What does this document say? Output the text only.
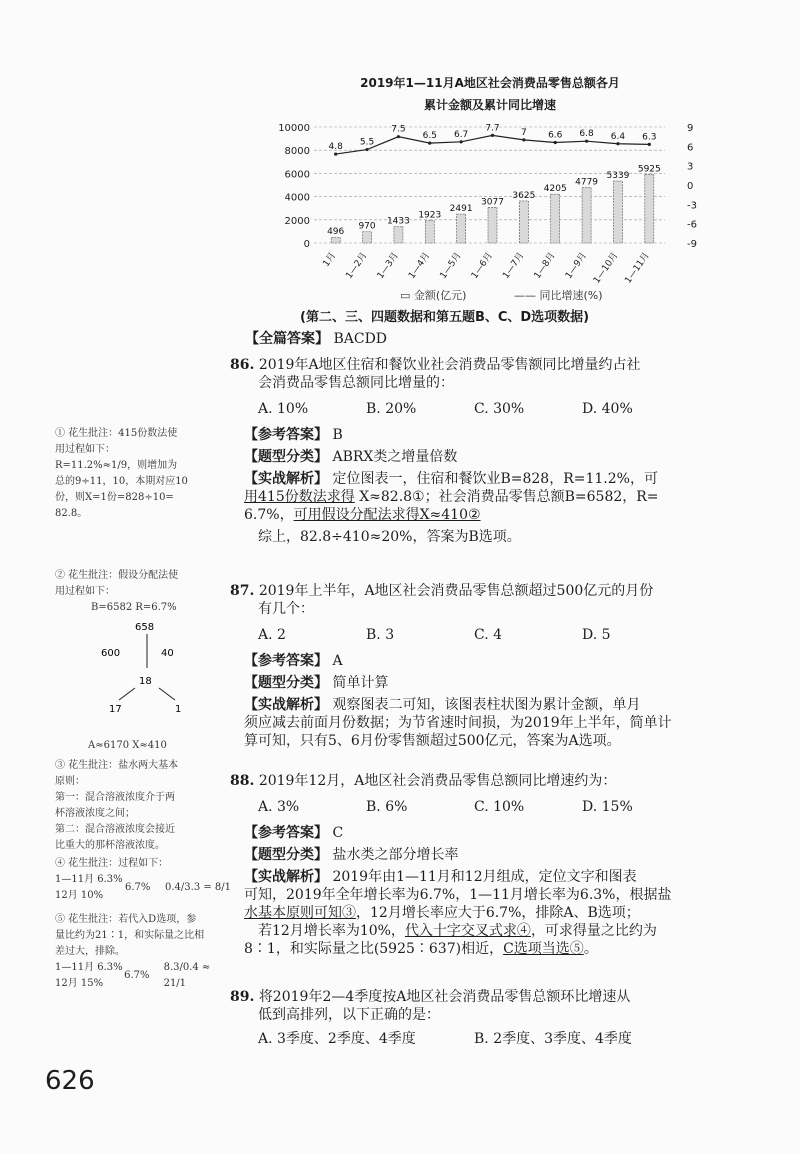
2019年1—11月A地区社会消费品零售总额各月
累计金额及累计同比增速
10000
8000
6000
4000
2000
0
9
6
3
0
-3
-6
-9
496
970
1433
1923
2491
3077
3625
4205
4779
5339
5925
4.8 5.5
7.5
6.5 6.7
7.7 7 6.6 6.8 6.4 6.3
1月 1—2月 1—3月 1—4月 1—5月 1—6月 1—7月 1—8月 1—9月 1—10月 1—11月
▭ 金额(亿元)	—— 同比增速(%)
(第二、三、四题数据和第五题B、C、D选项数据)
【全篇答案】 BACDD
86. 2019年A地区住宿和餐饮业社会消费品零售额同比增量约占社
会消费品零售总额同比增量的：
A. 10%	B. 20%	C. 30%	D. 40%
【参考答案】 B
【题型分类】 ABRX类之增量倍数
【实战解析】 定位图表一，住宿和餐饮业B=828，R=11.2%，可
用415份数法求得 X≈82.8①；社会消费品零售总额B=6582，R=
6.7%，可用假设分配法求得X≈410②
综上，82.8÷410≈20%，答案为B选项。
87. 2019年上半年，A地区社会消费品零售总额超过500亿元的月份
有几个：
A. 2	B. 3	C. 4	D. 5
【参考答案】 A
【题型分类】 简单计算
【实战解析】 观察图表二可知，该图表柱状图为累计金额，单月
须应减去前面月份数据；为节省速时间损，为2019年上半年，简单计
算可知，只有5、6月份零售额超过500亿元，答案为A选项。
88. 2019年12月，A地区社会消费品零售总额同比增速约为：
A. 3%	B. 6%	C. 10%	D. 15%
【参考答案】 C
【题型分类】 盐水类之部分增长率
【实战解析】 2019年由1—11月和12月组成，定位文字和图表
可知，2019年全年增长率为6.7%，1—11月增长率为6.3%，根据盐
水基本原则可知③，12月增长率应大于6.7%，排除A、B选项；
若12月增长率为10%，代入十字交叉式求④，可求得量之比约为
8∶1，和实际量之比(5925∶637)相近，C选项当选⑤。
89. 将2019年2—4季度按A地区社会消费品零售总额环比增速从
低到高排列，以下正确的是：
A. 3季度、2季度、4季度	B. 2季度、3季度、4季度
① 花生批注：415份数法使
用过程如下：
R=11.2%≈1/9，则增加为
总的9÷11，10，本期对应10
份，则X=1份=828÷10=
82.8。
② 花生批注：假设分配法使
用过程如下：
B=6582 R=6.7%
658
600	40
18
17	1
A≈6170 X≈410
③ 花生批注：盐水两大基本
原则：
第一：混合溶液浓度介于两
杯溶液浓度之间；
第二：混合溶液浓度会接近
比重大的那杯溶液浓度。
④ 花生批注：过程如下：
1—11月 6.3%
12月 10%
6.7%	0.4/3.3 = 8/1
⑤ 花生批注：若代入D选项，参
量比约为21∶1，和实际量之比相
差过大，排除。
1—11月 6.3%
12月 15%
6.7%
8.3/0.4 ≈ 21/1
626
